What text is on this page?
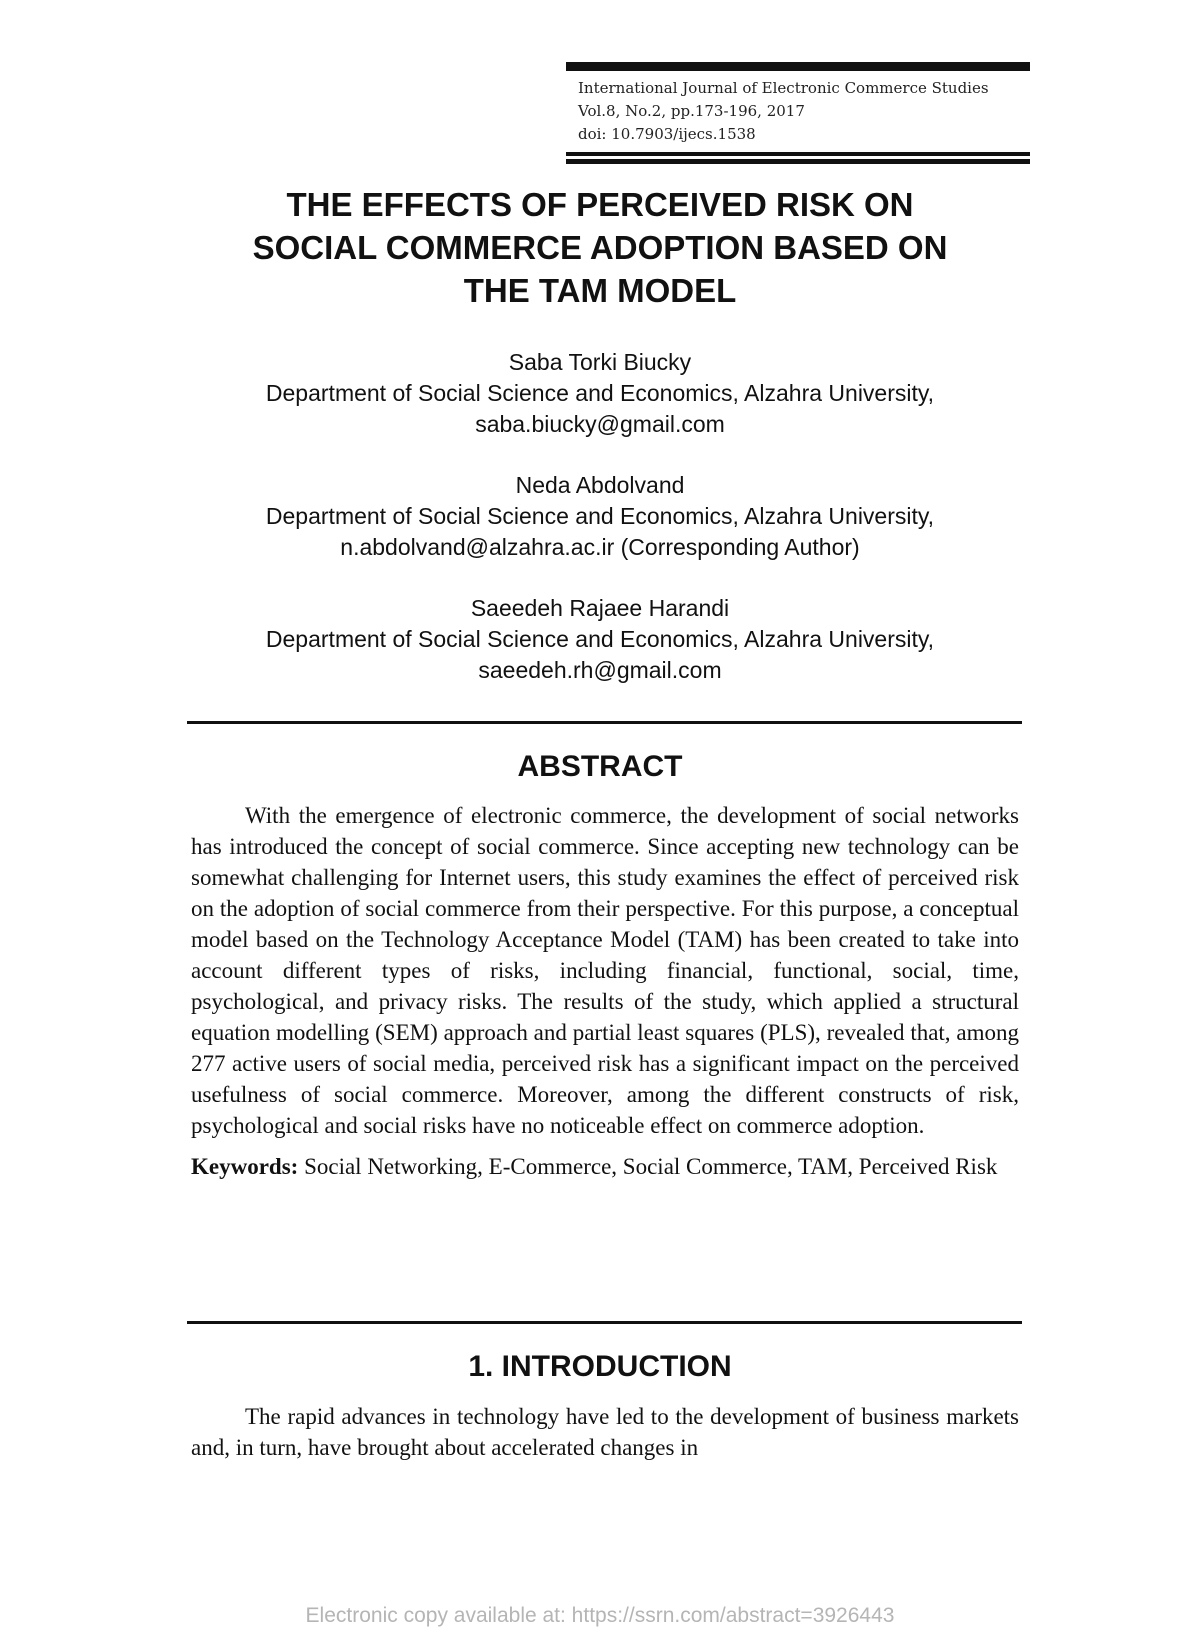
International Journal of Electronic Commerce Studies
Vol.8, No.2, pp.173-196, 2017
doi: 10.7903/ijecs.1538
THE EFFECTS OF PERCEIVED RISK ON
SOCIAL COMMERCE ADOPTION BASED ON
THE TAM MODEL
Saba Torki Biucky
Department of Social Science and Economics, Alzahra University,
saba.biucky@gmail.com
Neda Abdolvand
Department of Social Science and Economics, Alzahra University,
n.abdolvand@alzahra.ac.ir (Corresponding Author)
Saeedeh Rajaee Harandi
Department of Social Science and Economics, Alzahra University,
saeedeh.rh@gmail.com
ABSTRACT

With the emergence of electronic commerce, the development of social networks has introduced the concept of social commerce. Since accepting new technology can be somewhat challenging for Internet users, this study examines the effect of perceived risk on the adoption of social commerce from their perspective. For this purpose, a conceptual model based on the Technology Acceptance Model (TAM) has been created to take into account different types of risks, including financial, functional, social, time, psychological, and privacy risks. The results of the study, which applied a structural equation modelling (SEM) approach and partial least squares (PLS), revealed that, among 277 active users of social media, perceived risk has a significant impact on the perceived usefulness of social commerce. Moreover, among the different constructs of risk, psychological and social risks have no noticeable effect on commerce adoption.

Keywords: Social Networking, E-Commerce, Social Commerce, TAM, Perceived Risk

1. INTRODUCTION

The rapid advances in technology have led to the development of business markets and, in turn, have brought about accelerated changes in

Electronic copy available at: https://ssrn.com/abstract=3926443
